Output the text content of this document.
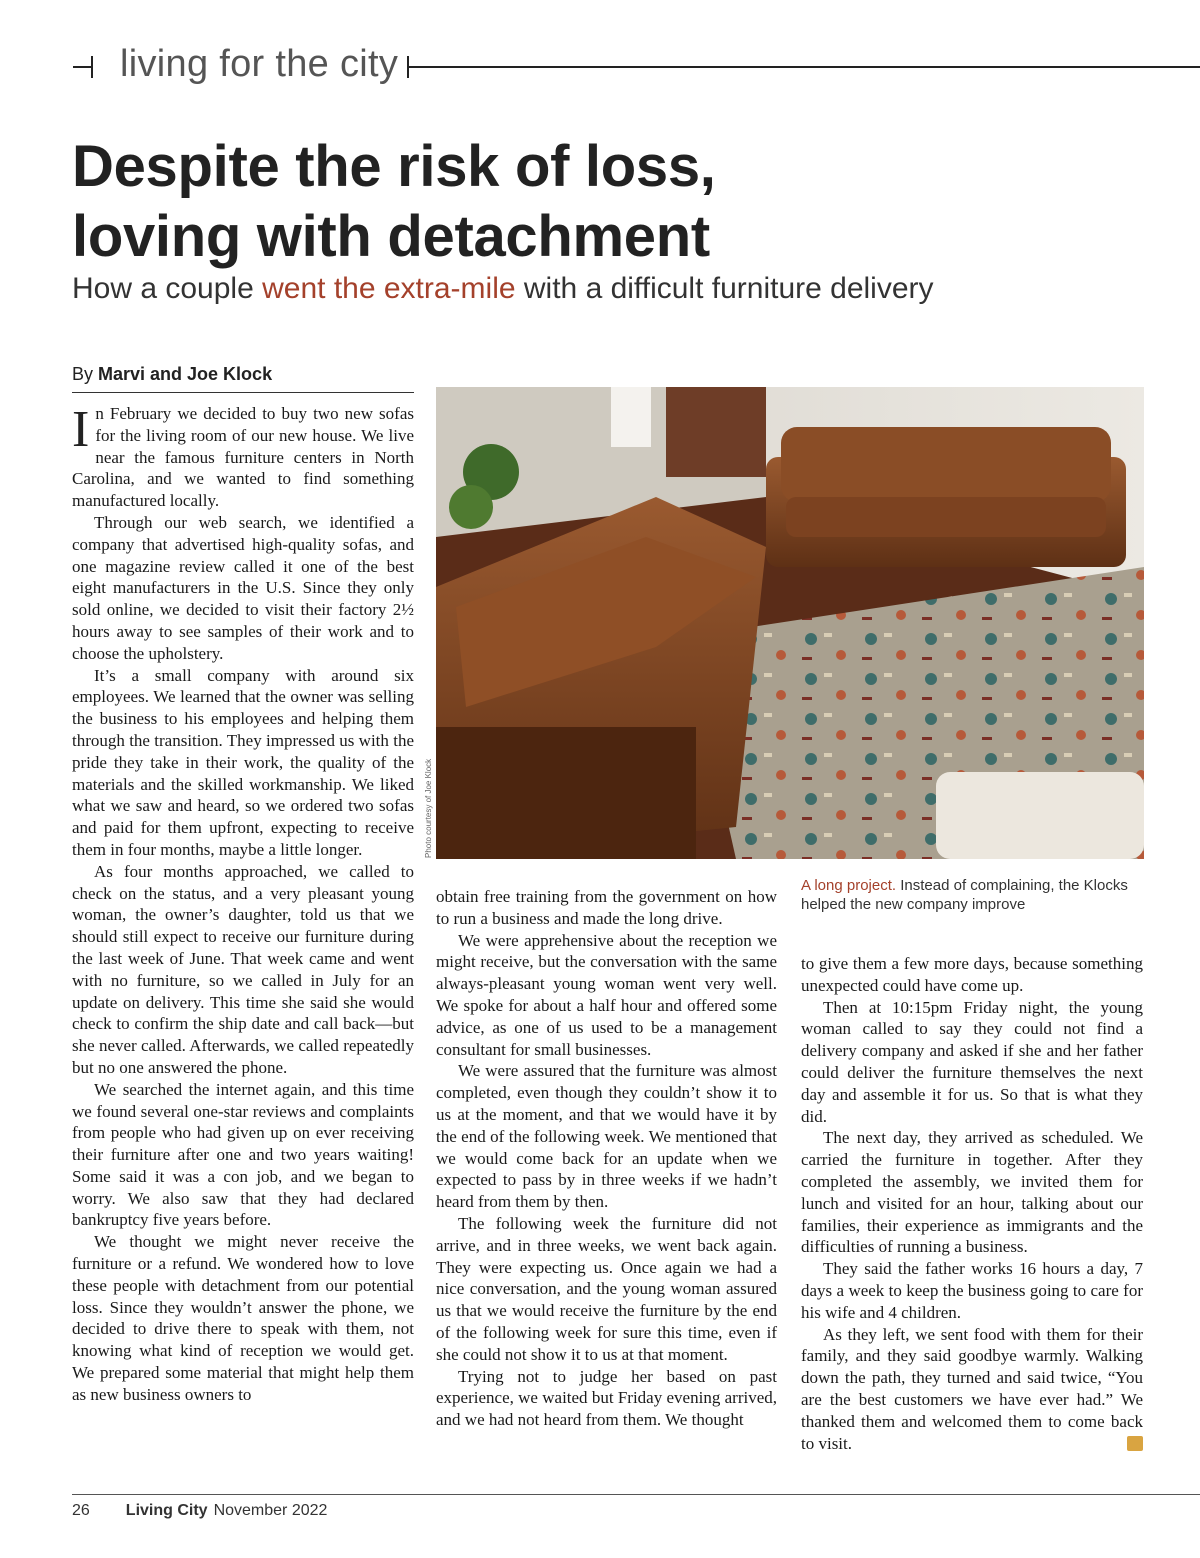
living for the city
Despite the risk of loss,
loving with detachment
How a couple went the extra-mile with a difficult furniture delivery
By Marvi and Joe Klock

In February we decided to buy two new sofas for the living room of our new house. We live near the famous furniture centers in North Carolina, and we wanted to find something manufactured locally.

Through our web search, we identified a company that advertised high-quality sofas, and one magazine review called it one of the best eight manufacturers in the U.S. Since they only sold online, we decided to visit their factory 2½ hours away to see samples of their work and to choose the upholstery.

It’s a small company with around six employees. We learned that the owner was selling the business to his employees and helping them through the transition. They impressed us with the pride they take in their work, the quality of the materials and the skilled workmanship. We liked what we saw and heard, so we ordered two sofas and paid for them upfront, expecting to receive them in four months, maybe a little longer.

As four months approached, we called to check on the status, and a very pleasant young woman, the owner’s daughter, told us that we should still expect to receive our furniture during the last week of June. That week came and went with no furniture, so we called in July for an update on delivery. This time she said she would check to confirm the ship date and call back—but she never called. Afterwards, we called repeatedly but no one answered the phone.

We searched the internet again, and this time we found several one-star reviews and complaints from people who had given up on ever receiving their furniture after one and two years waiting! Some said it was a con job, and we began to worry. We also saw that they had declared bankruptcy five years before.

We thought we might never receive the furniture or a refund. We wondered how to love these people with detachment from our potential loss. Since they wouldn’t answer the phone, we decided to drive there to speak with them, not knowing what kind of reception we would get. We prepared some material that might help them as new business owners to

Photo courtesy of Joe Klock
A long project. Instead of complaining, the Klocks helped the new company improve

obtain free training from the government on how to run a business and made the long drive.

We were apprehensive about the reception we might receive, but the conversation with the same always-pleasant young woman went very well. We spoke for about a half hour and offered some advice, as one of us used to be a management consultant for small businesses.

We were assured that the furniture was almost completed, even though they couldn’t show it to us at the moment, and that we would have it by the end of the following week. We mentioned that we would come back for an update when we expected to pass by in three weeks if we hadn’t heard from them by then.

The following week the furniture did not arrive, and in three weeks, we went back again. They were expecting us. Once again we had a nice conversation, and the young woman assured us that we would receive the furniture by the end of the following week for sure this time, even if she could not show it to us at that moment.

Trying not to judge her based on past experience, we waited but Friday evening arrived, and we had not heard from them. We thought

to give them a few more days, because something unexpected could have come up.

Then at 10:15pm Friday night, the young woman called to say they could not find a delivery company and asked if she and her father could deliver the furniture themselves the next day and assemble it for us. So that is what they did.

The next day, they arrived as scheduled. We carried the furniture in together. After they completed the assembly, we invited them for lunch and visited for an hour, talking about our families, their experience as immigrants and the difficulties of running a business.

They said the father works 16 hours a day, 7 days a week to keep the business going to care for his wife and 4 children.

As they left, we sent food with them for their family, and they said goodbye warmly. Walking down the path, they turned and said twice, “You are the best customers we have ever had.” We thanked them and welcomed them to come back to visit.	LC

26 Living City November 2022
